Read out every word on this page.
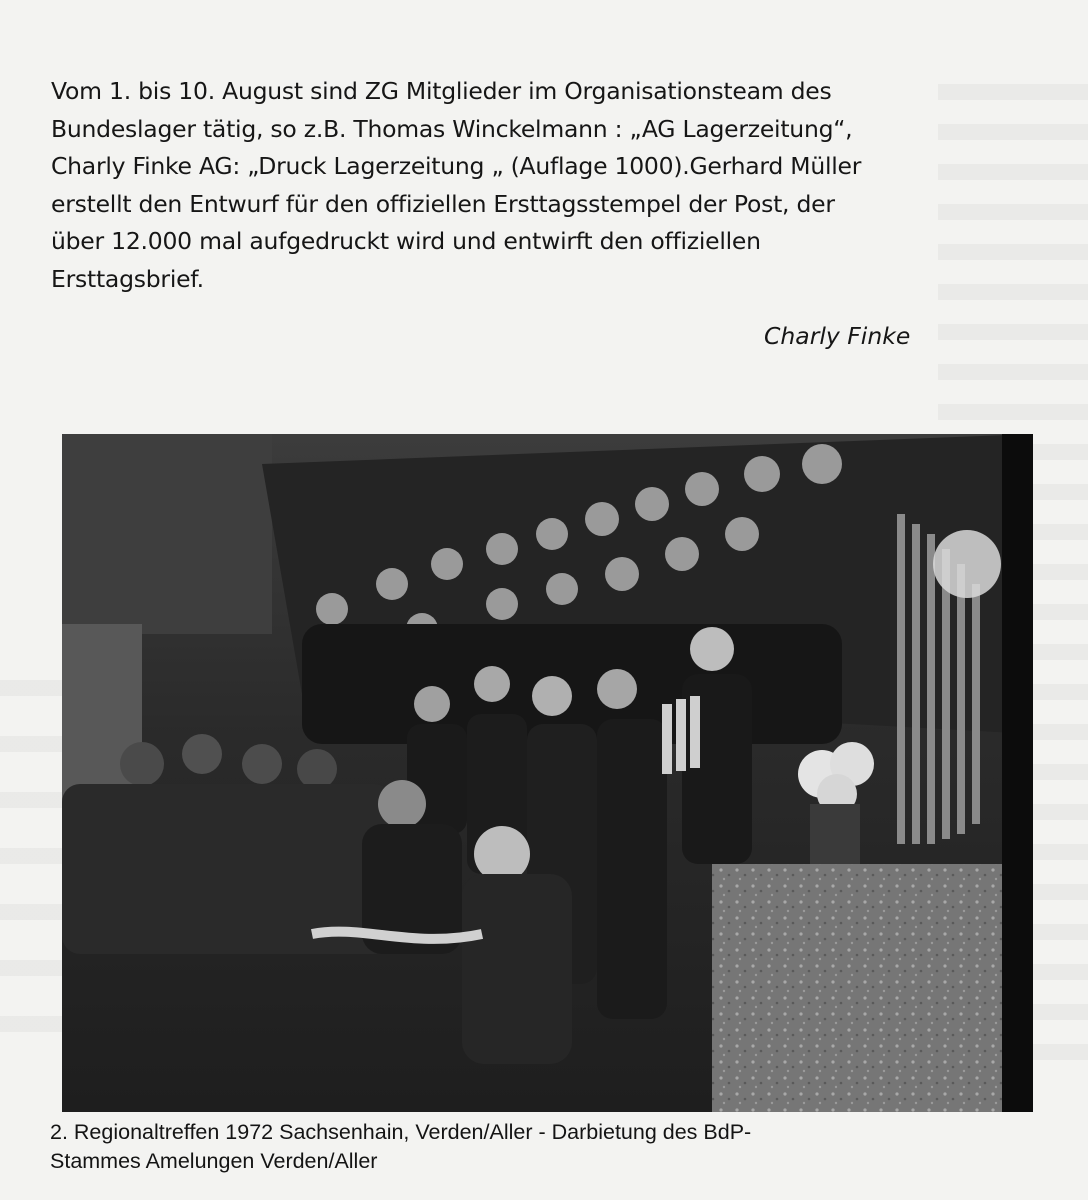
Vom 1. bis 10. August sind ZG Mitglieder im Organisationsteam des
Bundeslager tätig, so z.B. Thomas Winckelmann : „AG Lagerzeitung“,
Charly Finke AG: „Druck Lagerzeitung „ (Auflage 1000).Gerhard Müller
erstellt den Entwurf für den offiziellen Ersttagsstempel der Post, der
über 12.000 mal aufgedruckt wird und entwirft den offiziellen
Ersttagsbrief.
Charly Finke
2. Regionaltreffen 1972 Sachsenhain, Verden/Aller - Darbietung des BdP-
Stammes Amelungen Verden/Aller
